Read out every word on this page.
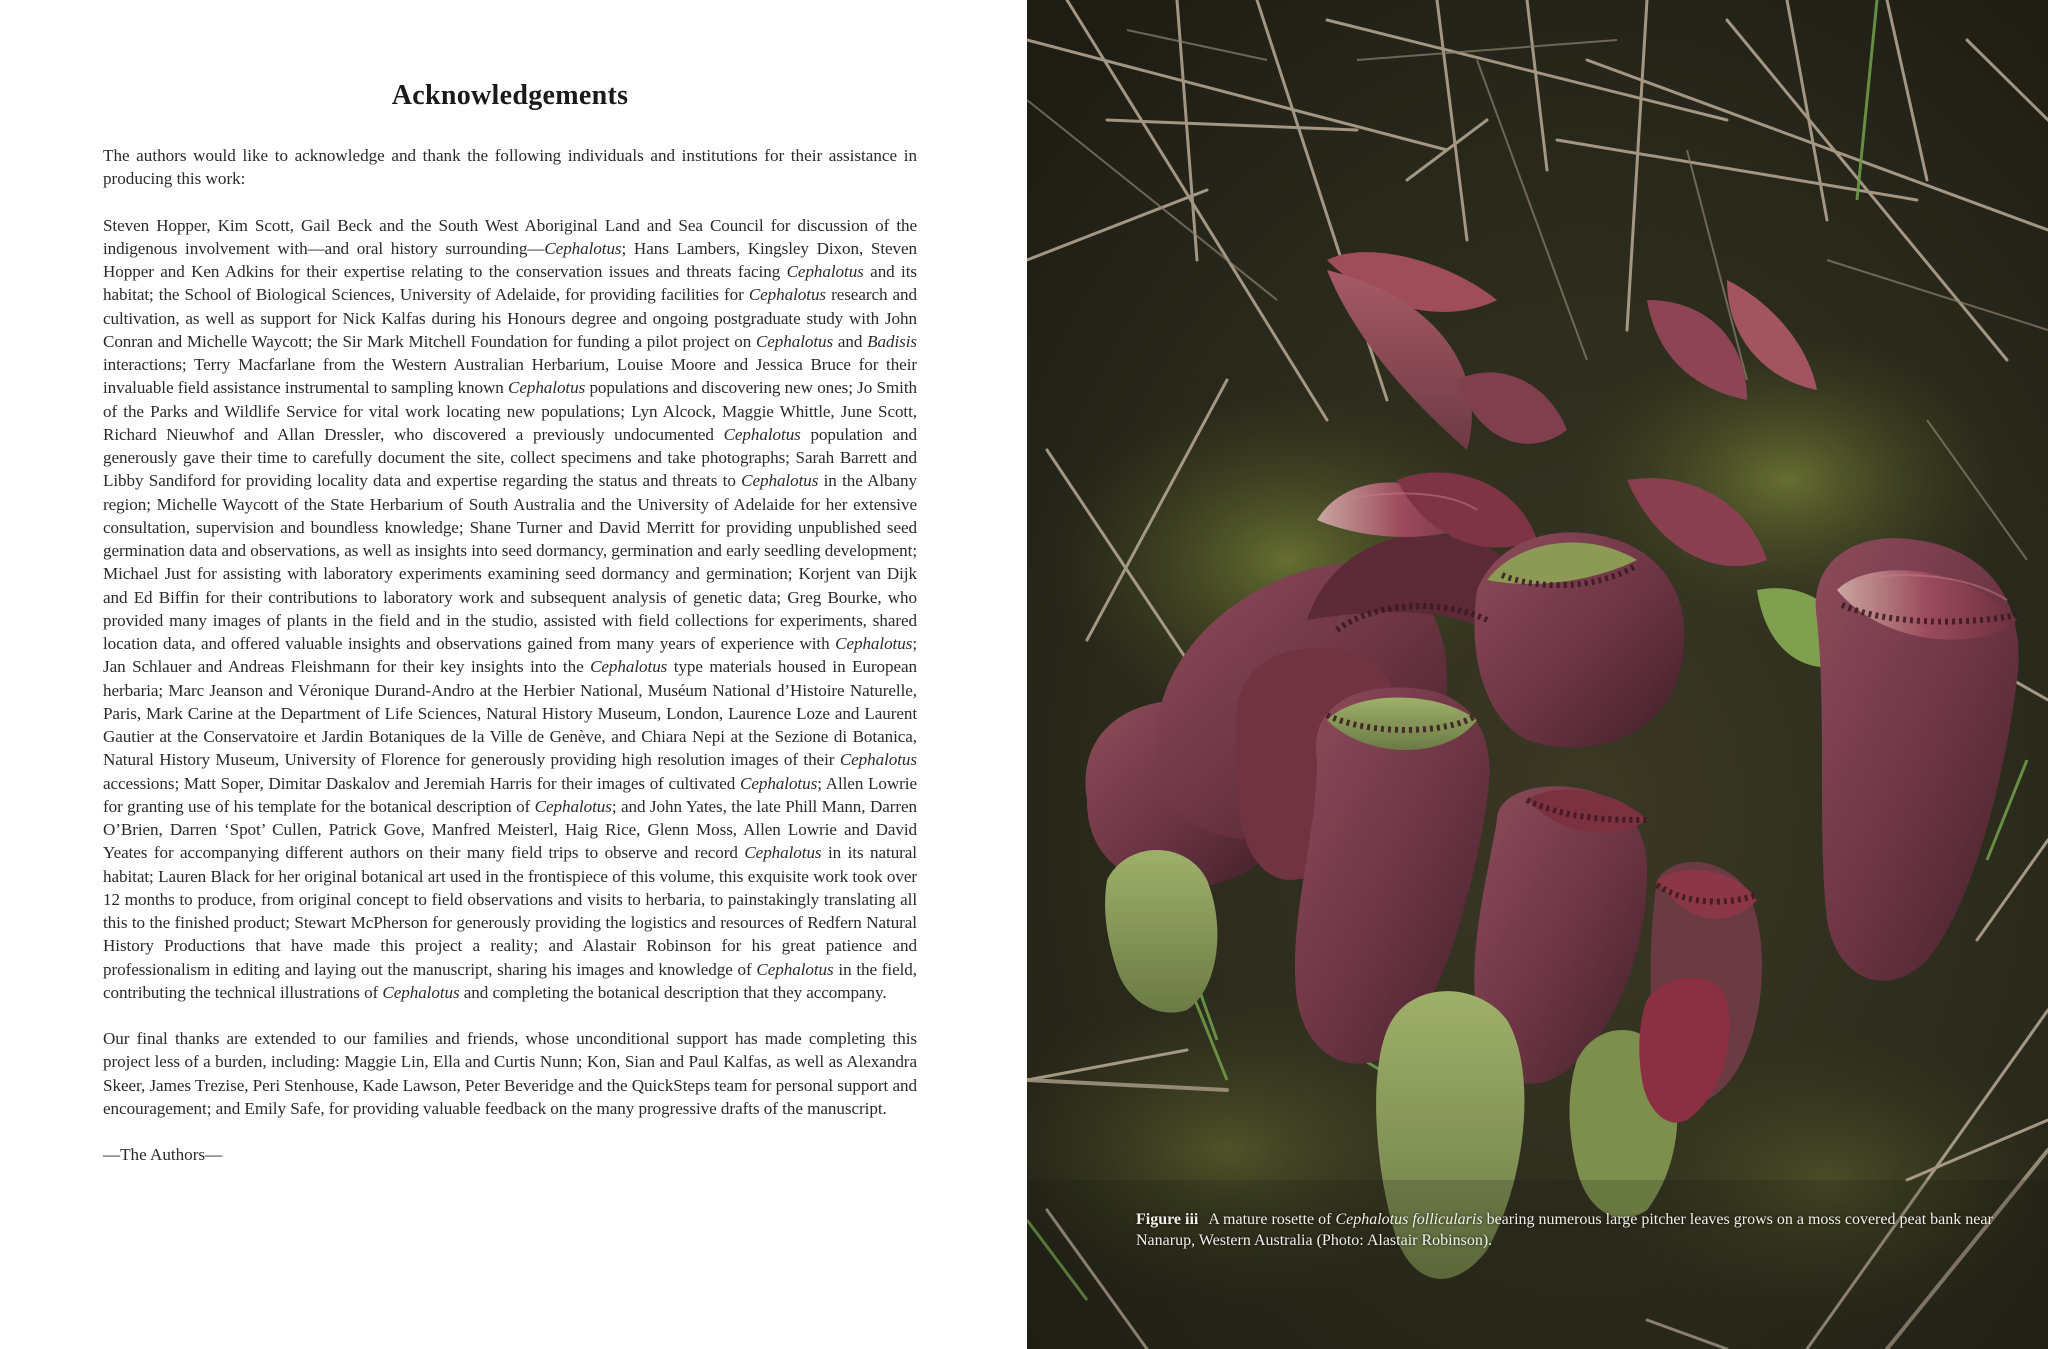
Acknowledgements

The authors would like to acknowledge and thank the following individuals and institutions for their assistance in producing this work:

Steven Hopper, Kim Scott, Gail Beck and the South West Aboriginal Land and Sea Council for discussion of the indigenous involvement with—and oral history surrounding—Cephalotus; Hans Lambers, Kingsley Dixon, Steven Hopper and Ken Adkins for their expertise relating to the conservation issues and threats facing Cephalotus and its habitat; the School of Biological Sciences, University of Adelaide, for providing facilities for Cephalotus research and cultivation, as well as support for Nick Kalfas during his Honours degree and ongoing postgraduate study with John Conran and Michelle Waycott; the Sir Mark Mitchell Foundation for funding a pilot project on Cephalotus and Badisis interactions; Terry Macfarlane from the Western Australian Herbarium, Louise Moore and Jessica Bruce for their invaluable field assistance instrumental to sampling known Cephalotus populations and discovering new ones; Jo Smith of the Parks and Wildlife Service for vital work locating new populations; Lyn Alcock, Maggie Whittle, June Scott, Richard Nieuwhof and Allan Dressler, who discovered a previously undocumented Cephalotus population and generously gave their time to carefully document the site, collect specimens and take photographs; Sarah Barrett and Libby Sandiford for providing locality data and expertise regarding the status and threats to Cephalotus in the Albany region; Michelle Waycott of the State Herbarium of South Australia and the University of Adelaide for her extensive consultation, supervision and boundless knowledge; Shane Turner and David Merritt for providing unpublished seed germination data and observations, as well as insights into seed dormancy, germination and early seedling development; Michael Just for assisting with laboratory experiments examining seed dormancy and germination; Korjent van Dijk and Ed Biffin for their contributions to laboratory work and subsequent analysis of genetic data; Greg Bourke, who provided many images of plants in the field and in the studio, assisted with field collections for experiments, shared location data, and offered valuable insights and observations gained from many years of experience with Cephalotus; Jan Schlauer and Andreas Fleishmann for their key insights into the Cephalotus type materials housed in European herbaria; Marc Jeanson and Véronique Durand-Andro at the Herbier National, Muséum National d’Histoire Naturelle, Paris, Mark Carine at the Department of Life Sciences, Natural History Museum, London, Laurence Loze and Laurent Gautier at the Conservatoire et Jardin Botaniques de la Ville de Genève, and Chiara Nepi at the Sezione di Botanica, Natural History Museum, University of Florence for generously providing high resolution images of their Cephalotus accessions; Matt Soper, Dimitar Daskalov and Jeremiah Harris for their images of cultivated Cephalotus; Allen Lowrie for granting use of his template for the botanical description of Cephalotus; and John Yates, the late Phill Mann, Darren O’Brien, Darren ‘Spot’ Cullen, Patrick Gove, Manfred Meisterl, Haig Rice, Glenn Moss, Allen Lowrie and David Yeates for accompanying different authors on their many field trips to observe and record Cephalotus in its natural habitat; Lauren Black for her original botanical art used in the frontispiece of this volume, this exquisite work took over 12 months to produce, from original concept to field observations and visits to herbaria, to painstakingly translating all this to the finished product; Stewart McPherson for generously providing the logistics and resources of Redfern Natural History Productions that have made this project a reality; and Alastair Robinson for his great patience and professionalism in editing and laying out the manuscript, sharing his images and knowledge of Cephalotus in the field, contributing the technical illustrations of Cephalotus and completing the botanical description that they accompany.

Our final thanks are extended to our families and friends, whose unconditional support has made completing this project less of a burden, including: Maggie Lin, Ella and Curtis Nunn; Kon, Sian and Paul Kalfas, as well as Alexandra Skeer, James Trezise, Peri Stenhouse, Kade Lawson, Peter Beveridge and the QuickSteps team for personal support and encouragement; and Emily Safe, for providing valuable feedback on the many progressive drafts of the manuscript.

—The Authors—

Figure iii A mature rosette of Cephalotus follicularis bearing numerous large pitcher leaves grows on a moss covered peat bank near Nanarup, Western Australia (Photo: Alastair Robinson).
